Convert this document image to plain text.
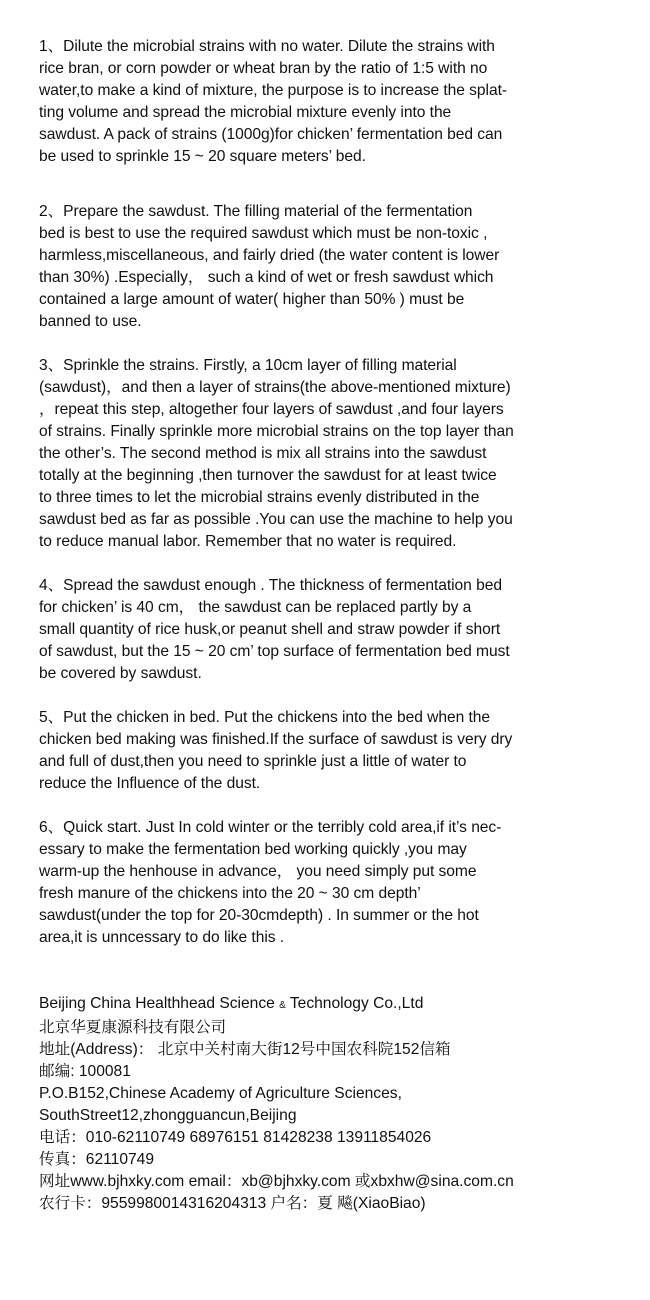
1、Dilute the microbial strains with no water. Dilute the strains with
rice bran, or corn powder or wheat bran by the ratio of 1:5 with no
water,to make a kind of mixture, the purpose is to increase the splat-
ting volume and spread the microbial mixture evenly into the
sawdust. A pack of strains (1000g)for chicken’ fermentation bed can
be used to sprinkle 15 ~ 20 square meters’ bed.

2、Prepare the sawdust. The filling material of the fermentation
bed is best to use the required sawdust which must be non-toxic ,
harmless,miscellaneous, and fairly dried (the water content is lower
than 30%) .Especially， such a kind of wet or fresh sawdust which
contained a large amount of water( higher than 50% ) must be
banned to use.

3、Sprinkle the strains. Firstly, a 10cm layer of filling material
(sawdust)，and then a layer of strains(the above-mentioned mixture)
，repeat this step, altogether four layers of sawdust ,and four layers
of strains. Finally sprinkle more microbial strains on the top layer than
the other’s. The second method is mix all strains into the sawdust
totally at the beginning ,then turnover the sawdust for at least twice
to three times to let the microbial strains evenly distributed in the
sawdust bed as far as possible .You can use the machine to help you
to reduce manual labor. Remember that no water is required.

4、Spread the sawdust enough . The thickness of fermentation bed
for chicken’ is 40 cm， the sawdust can be replaced partly by a
small quantity of rice husk,or peanut shell and straw powder if short
of sawdust, but the 15 ~ 20 cm’ top surface of fermentation bed must
be covered by sawdust.

5、Put the chicken in bed. Put the chickens into the bed when the
chicken bed making was finished.If the surface of sawdust is very dry
and full of dust,then you need to sprinkle just a little of water to
reduce the Influence of the dust.

6、Quick start. Just In cold winter or the terribly cold area,if it’s nec-
essary to make the fermentation bed working quickly ,you may
warm-up the henhouse in advance， you need simply put some
fresh manure of the chickens into the 20 ~ 30 cm depth’
sawdust(under the top for 20-30cmdepth) . In summer or the hot
area,it is unncessary to do like this .

Beijing China Healthhead Science & Technology Co.,Ltd
北京华夏康源科技有限公司
地址(Address)： 北京中关村南大街12号中国农科院152信箱
邮编: 100081
P.O.B152,Chinese Academy of Agriculture Sciences,
SouthStreet12,zhongguancun,Beijing
电话：010-62110749 68976151 81428238 13911854026
传真：62110749
网址www.bjhxky.com email：xb@bjhxky.com 或xbxhw@sina.com.cn
农行卡：9559980014316204313 户名：夏 飚(XiaoBiao)
